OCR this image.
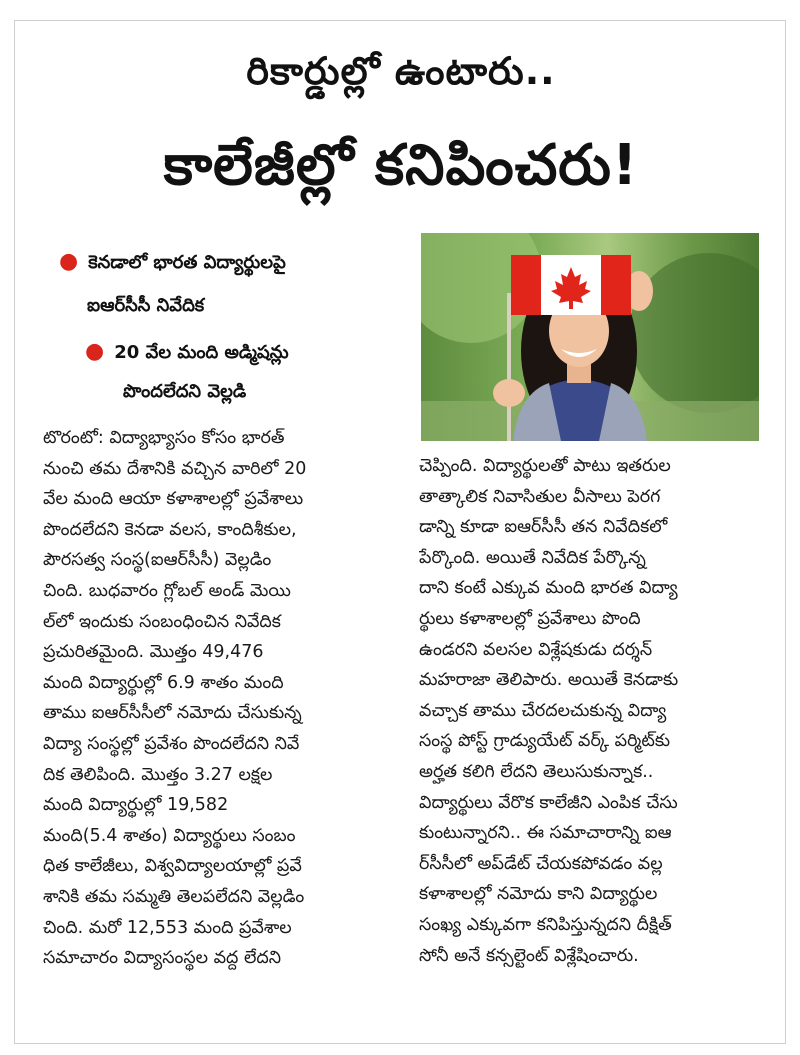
రికార్డుల్లో ఉంటారు..
కాలేజీల్లో కనిపించరు!
● కెనడాలో భారత విద్యార్థులపై
ఐఆర్‌సీసీ నివేదిక
● 20 వేల మంది అడ్మిషన్లు
పొందలేదని వెల్లడి
టొరంటో: విద్యాభ్యాసం కోసం భారత్
నుంచి తమ దేశానికి వచ్చిన వారిలో 20
వేల మంది ఆయా కళాశాలల్లో ప్రవేశాలు
పొందలేదని కెనడా వలస, కాందిశీకుల,
పౌరసత్వ సంస్థ(ఐఆర్‌సీసీ) వెల్లడిం
చింది. బుధవారం గ్లోబల్ అండ్ మెయి
ల్‌లో ఇందుకు సంబంధించిన నివేదిక
ప్రచురితమైంది. మొత్తం 49,476
మంది విద్యార్థుల్లో 6.9 శాతం మంది
తాము ఐఆర్‌సీసీలో నమోదు చేసుకున్న
విద్యా సంస్థల్లో ప్రవేశం పొందలేదని నివే
దిక తెలిపింది. మొత్తం 3.27 లక్షల
మంది విద్యార్థుల్లో 19,582
మంది(5.4 శాతం) విద్యార్థులు సంబం
ధిత కాలేజీలు, విశ్వవిద్యాలయాల్లో ప్రవే
శానికి తమ సమ్మతి తెలపలేదని వెల్లడిం
చింది. మరో 12,553 మంది ప్రవేశాల
సమాచారం విద్యాసంస్థల వద్ద లేదని
చెప్పింది. విద్యార్థులతో పాటు ఇతరుల
తాత్కాలిక నివాసితుల వీసాలు పెరగ
డాన్ని కూడా ఐఆర్‌సీసీ తన నివేదికలో
పేర్కొంది. అయితే నివేదిక పేర్కొన్న
దాని కంటే ఎక్కువ మంది భారత విద్యా
ర్థులు కళాశాలల్లో ప్రవేశాలు పొంది
ఉండరని వలసల విశ్లేషకుడు దర్శన్
మహరాజా తెలిపారు. అయితే కెనడాకు
వచ్చాక తాము చేరదలచుకున్న విద్యా
సంస్థ పోస్ట్ గ్రాడ్యుయేట్ వర్క్ పర్మిట్‌కు
అర్హత కలిగి లేదని తెలుసుకున్నాక..
విద్యార్థులు వేరొక కాలేజీని ఎంపిక చేసు
కుంటున్నారని.. ఈ సమాచారాన్ని ఐఆ
ర్‌సీసీలో అప్‌డేట్ చేయకపోవడం వల్ల
కళాశాలల్లో నమోదు కాని విద్యార్థుల
సంఖ్య ఎక్కువగా కనిపిస్తున్నదని దీక్షిత్
సోనీ అనే కన్సల్టెంట్ విశ్లేషించారు.
